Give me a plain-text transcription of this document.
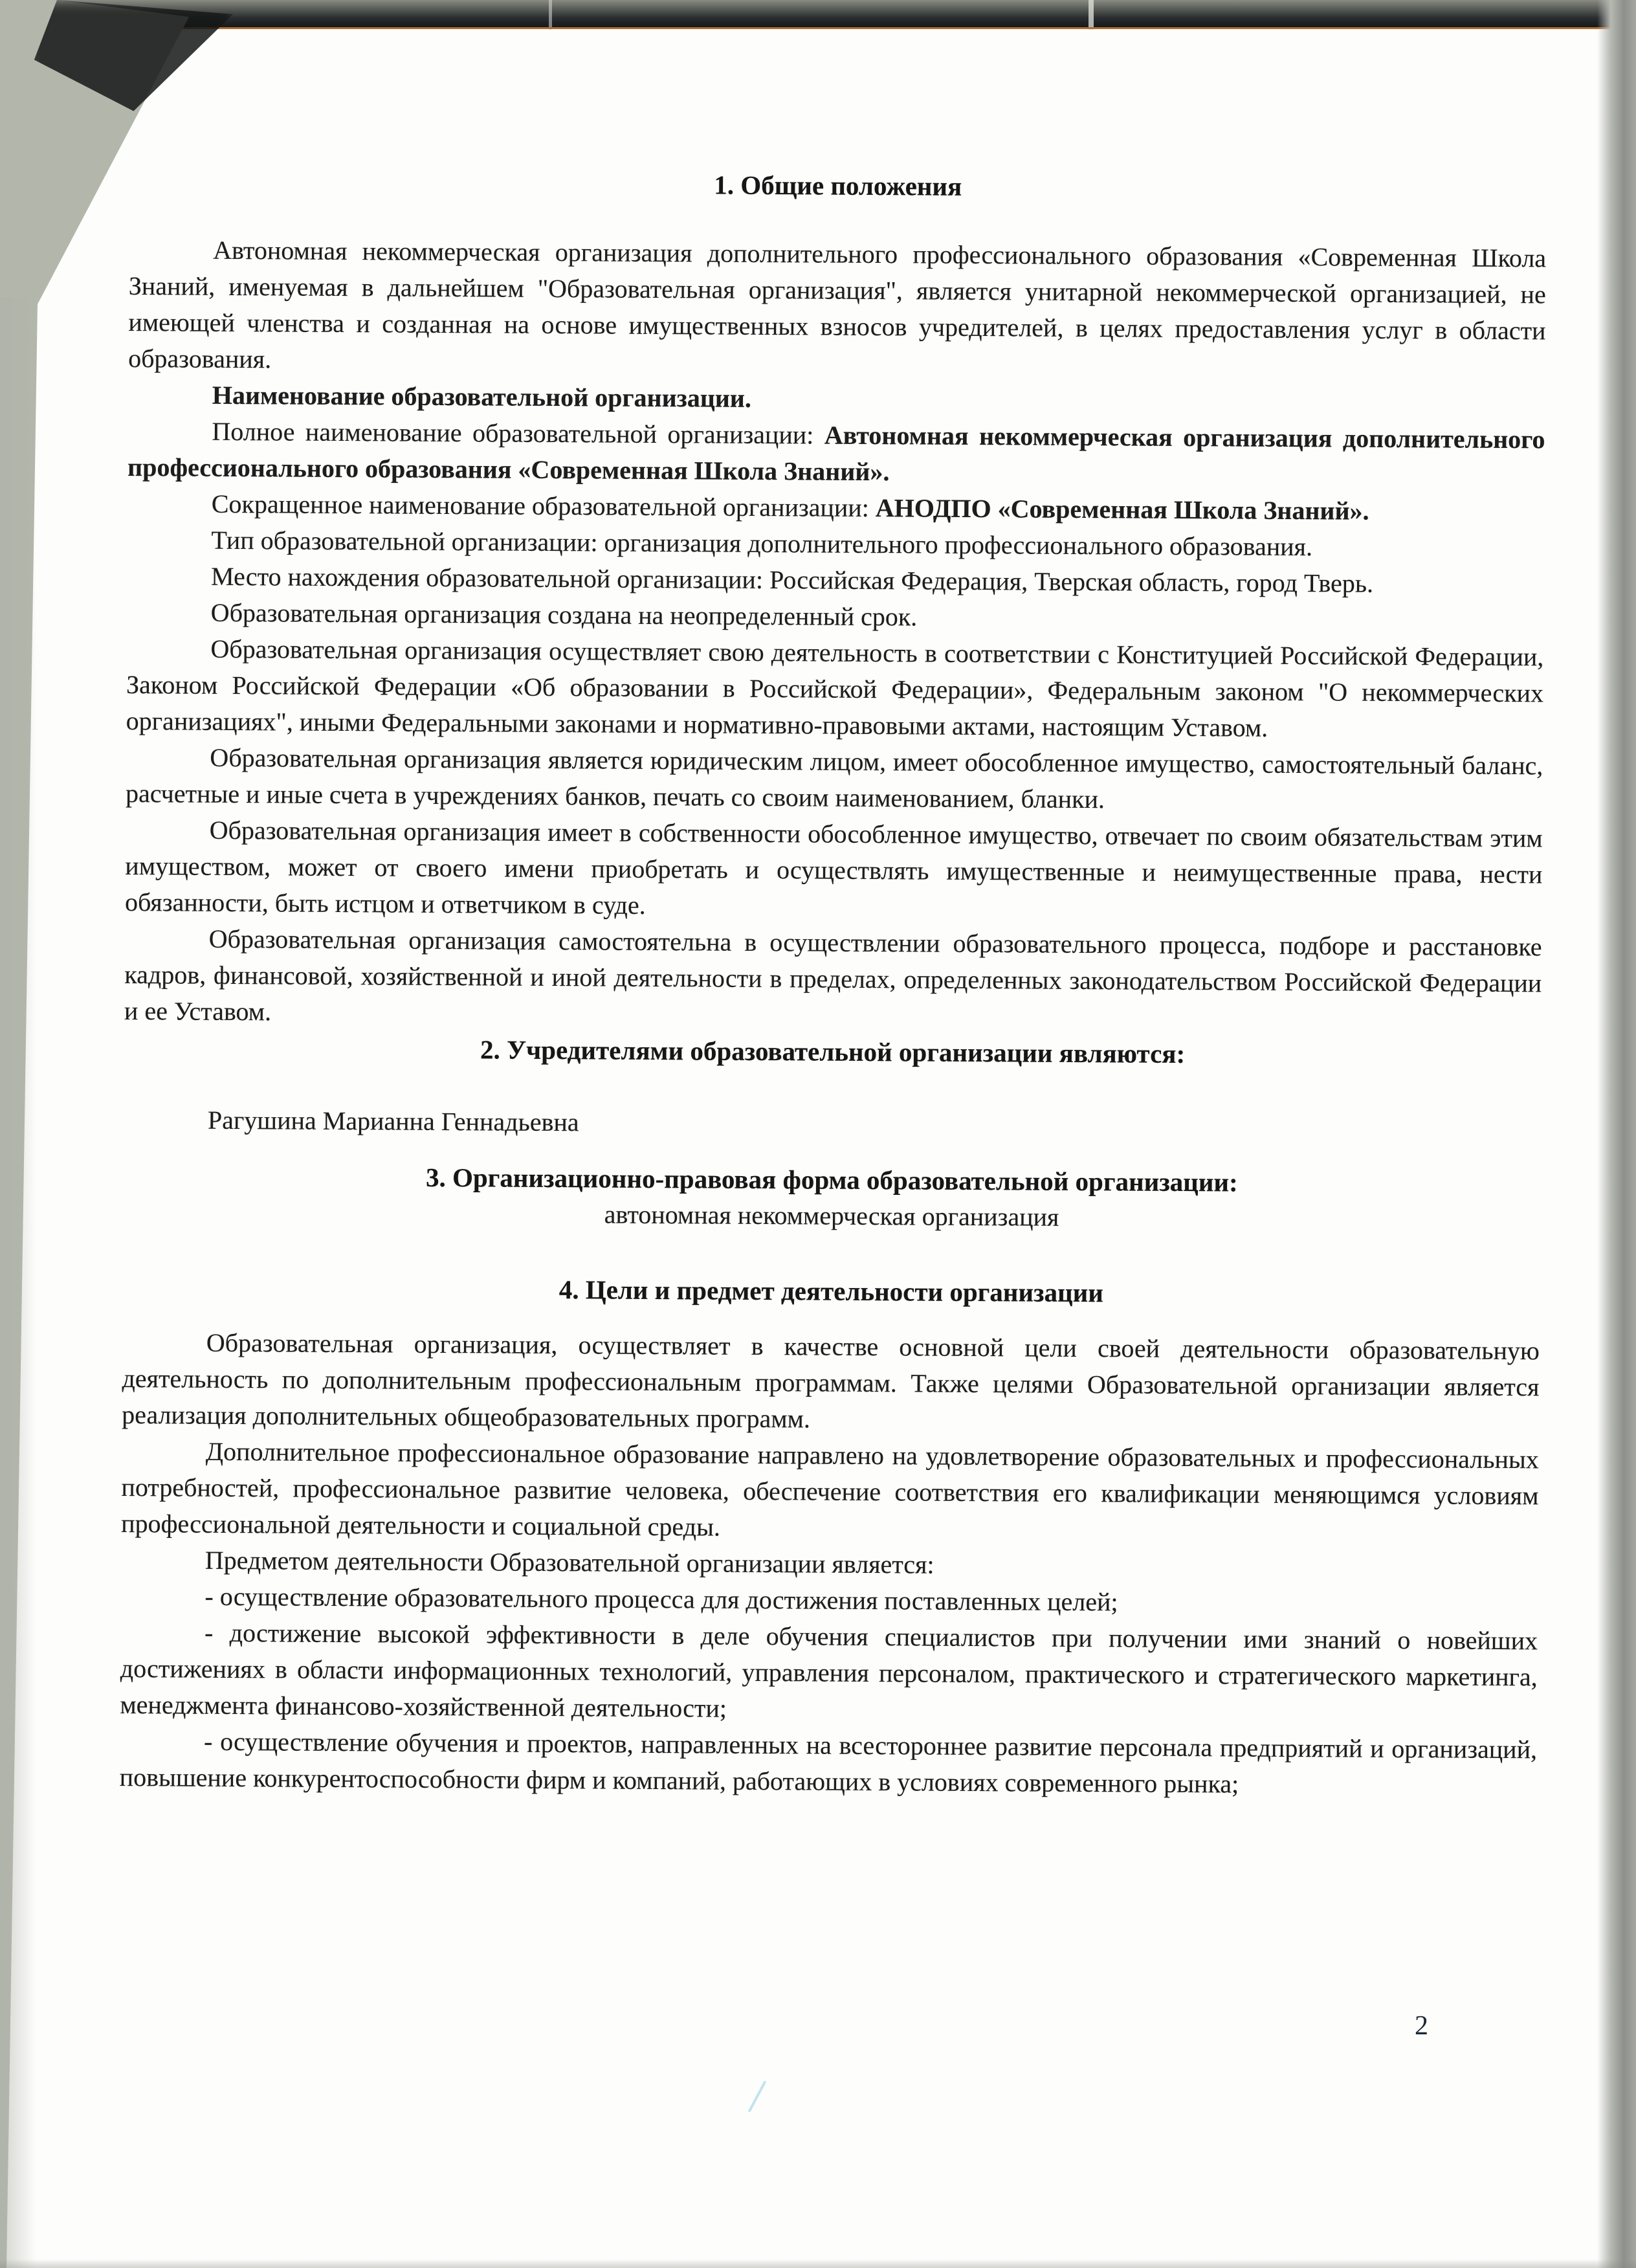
1. Общие положения

Автономная некоммерческая организация дополнительного профессионального образования «Современная Школа Знаний, именуемая в дальнейшем "Образовательная организация", является унитарной некоммерческой организацией, не имеющей членства и созданная на основе имущественных взносов учредителей, в целях предоставления услуг в области образования.

Наименование образовательной организации.

Полное наименование образовательной организации: Автономная некоммерческая организация дополнительного профессионального образования «Современная Школа Знаний».

Сокращенное наименование образовательной организации: АНОДПО «Современная Школа Знаний».

Тип образовательной организации: организация дополнительного профессионального образования.

Место нахождения образовательной организации: Российская Федерация, Тверская область, город Тверь.

Образовательная организация создана на неопределенный срок.

Образовательная организация осуществляет свою деятельность в соответствии с Конституцией Российской Федерации, Законом Российской Федерации «Об образовании в Российской Федерации», Федеральным законом "О некоммерческих организациях", иными Федеральными законами и нормативно-правовыми актами, настоящим Уставом.

Образовательная организация является юридическим лицом, имеет обособленное имущество, самостоятельный баланс, расчетные и иные счета в учреждениях банков, печать со своим наименованием, бланки.

Образовательная организация имеет в собственности обособленное имущество, отвечает по своим обязательствам этим имуществом, может от своего имени приобретать и осуществлять имущественные и неимущественные права, нести обязанности, быть истцом и ответчиком в суде.

Образовательная организация самостоятельна в осуществлении образовательного процесса, подборе и расстановке кадров, финансовой, хозяйственной и иной деятельности в пределах, определенных законодательством Российской Федерации и ее Уставом.

2. Учредителями образовательной организации являются:

Рагушина Марианна Геннадьевна

3. Организационно-правовая форма образовательной организации:

автономная некоммерческая организация

4. Цели и предмет деятельности организации

Образовательная организация, осуществляет в качестве основной цели своей деятельности образовательную деятельность по дополнительным профессиональным программам. Также целями Образовательной организации является реализация дополнительных общеобразовательных программ.

Дополнительное профессиональное образование направлено на удовлетворение образовательных и профессиональных потребностей, профессиональное развитие человека, обеспечение соответствия его квалификации меняющимся условиям профессиональной деятельности и социальной среды.

Предметом деятельности Образовательной организации является:

- осуществление образовательного процесса для достижения поставленных целей;

- достижение высокой эффективности в деле обучения специалистов при получении ими знаний о новейших достижениях в области информационных технологий, управления персоналом, практического и стратегического маркетинга, менеджмента финансово-хозяйственной деятельности;

- осуществление обучения и проектов, направленных на всестороннее развитие персонала предприятий и организаций, повышение конкурентоспособности фирм и компаний, работающих в условиях современного рынка;

2
